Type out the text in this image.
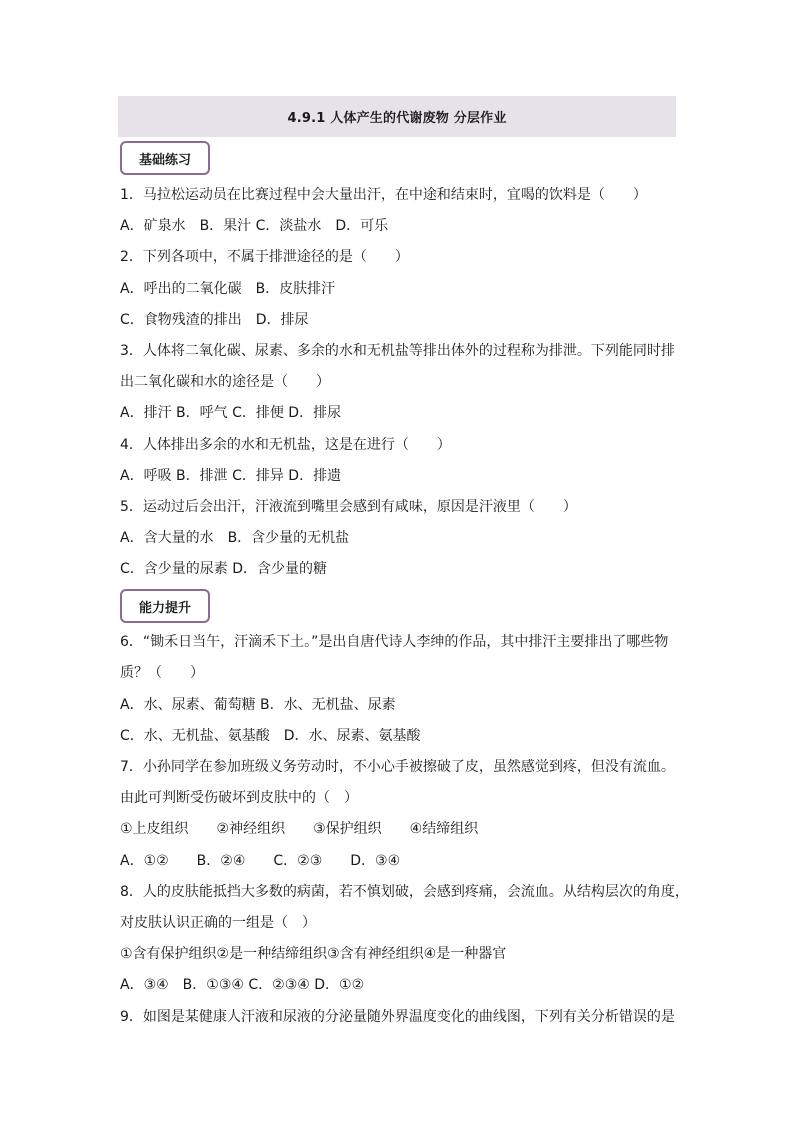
4.9.1 人体产生的代谢废物 分层作业
基础练习
1．马拉松运动员在比赛过程中会大量出汗，在中途和结束时，宜喝的饮料是（　　）
A．矿泉水　B．果汁 C．淡盐水　D．可乐
2．下列各项中，不属于排泄途径的是（　　）
A．呼出的二氧化碳　B．皮肤排汗
C．食物残渣的排出　D．排尿
3．人体将二氧化碳、尿素、多余的水和无机盐等排出体外的过程称为排泄。下列能同时排
出二氧化碳和水的途径是（　　）
A．排汗 B．呼气 C．排便 D．排尿
4．人体排出多余的水和无机盐，这是在进行（　　）
A．呼吸 B．排泄 C．排异 D．排遗
5．运动过后会出汗，汗液流到嘴里会感到有咸味，原因是汗液里（　　）
A．含大量的水　B．含少量的无机盐
C．含少量的尿素 D．含少量的糖
能力提升
6．“锄禾日当午，汗滴禾下土。”是出自唐代诗人李绅的作品，其中排汗主要排出了哪些物
质？（　　）
A．水、尿素、葡萄糖 B．水、无机盐、尿素
C．水、无机盐、氨基酸　D．水、尿素、氨基酸
7．小孙同学在参加班级义务劳动时，不小心手被擦破了皮，虽然感觉到疼，但没有流血。
由此可判断受伤破坏到皮肤中的（　）
①上皮组织　　②神经组织　　③保护组织　　④结缔组织
A．①②　　B．②④　　C．②③　　D．③④
8．人的皮肤能抵挡大多数的病菌，若不慎划破，会感到疼痛，会流血。从结构层次的角度，
对皮肤认识正确的一组是（　）
①含有保护组织②是一种结缔组织③含有神经组织④是一种器官
A．③④　B．①③④ C．②③④ D．①②
9．如图是某健康人汗液和尿液的分泌量随外界温度变化的曲线图，下列有关分析错误的是
